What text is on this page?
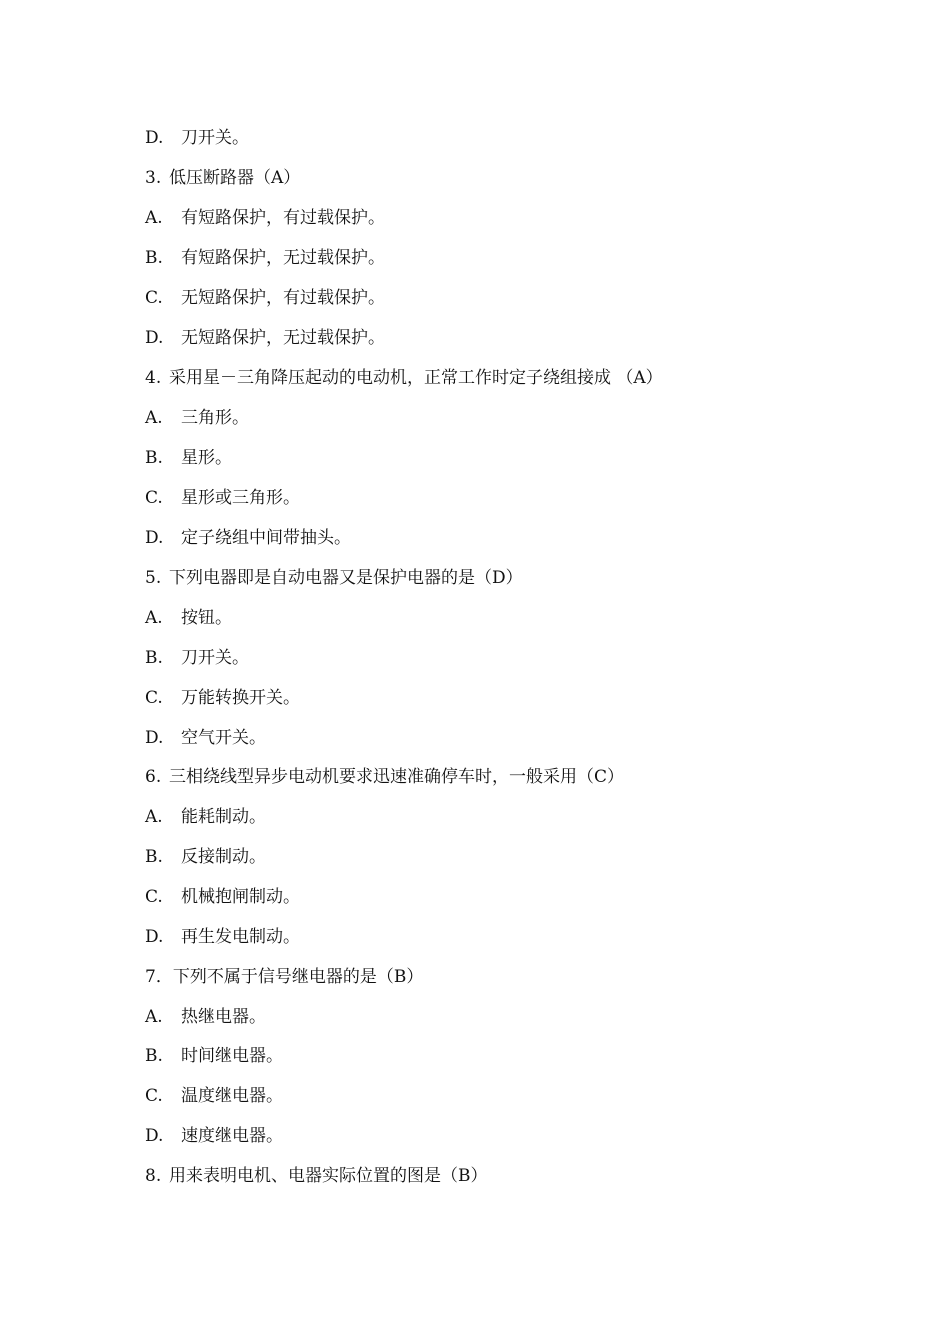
D. 刀开关。
3. 低压断路器（A）
A. 有短路保护，有过载保护。
B. 有短路保护，无过载保护。
C. 无短路保护，有过载保护。
D. 无短路保护，无过载保护。
4. 采用星－三角降压起动的电动机，正常工作时定子绕组接成 （A）
A. 三角形。
B. 星形。
C. 星形或三角形。
D. 定子绕组中间带抽头。
5. 下列电器即是自动电器又是保护电器的是（D）
A. 按钮。
B. 刀开关。
C. 万能转换开关。
D. 空气开关。
6. 三相绕线型异步电动机要求迅速准确停车时，一般采用（C）
A. 能耗制动。
B. 反接制动。
C. 机械抱闸制动。
D. 再生发电制动。
7．下列不属于信号继电器的是（B）
A. 热继电器。
B. 时间继电器。
C. 温度继电器。
D. 速度继电器。
8. 用来表明电机、电器实际位置的图是（B）
